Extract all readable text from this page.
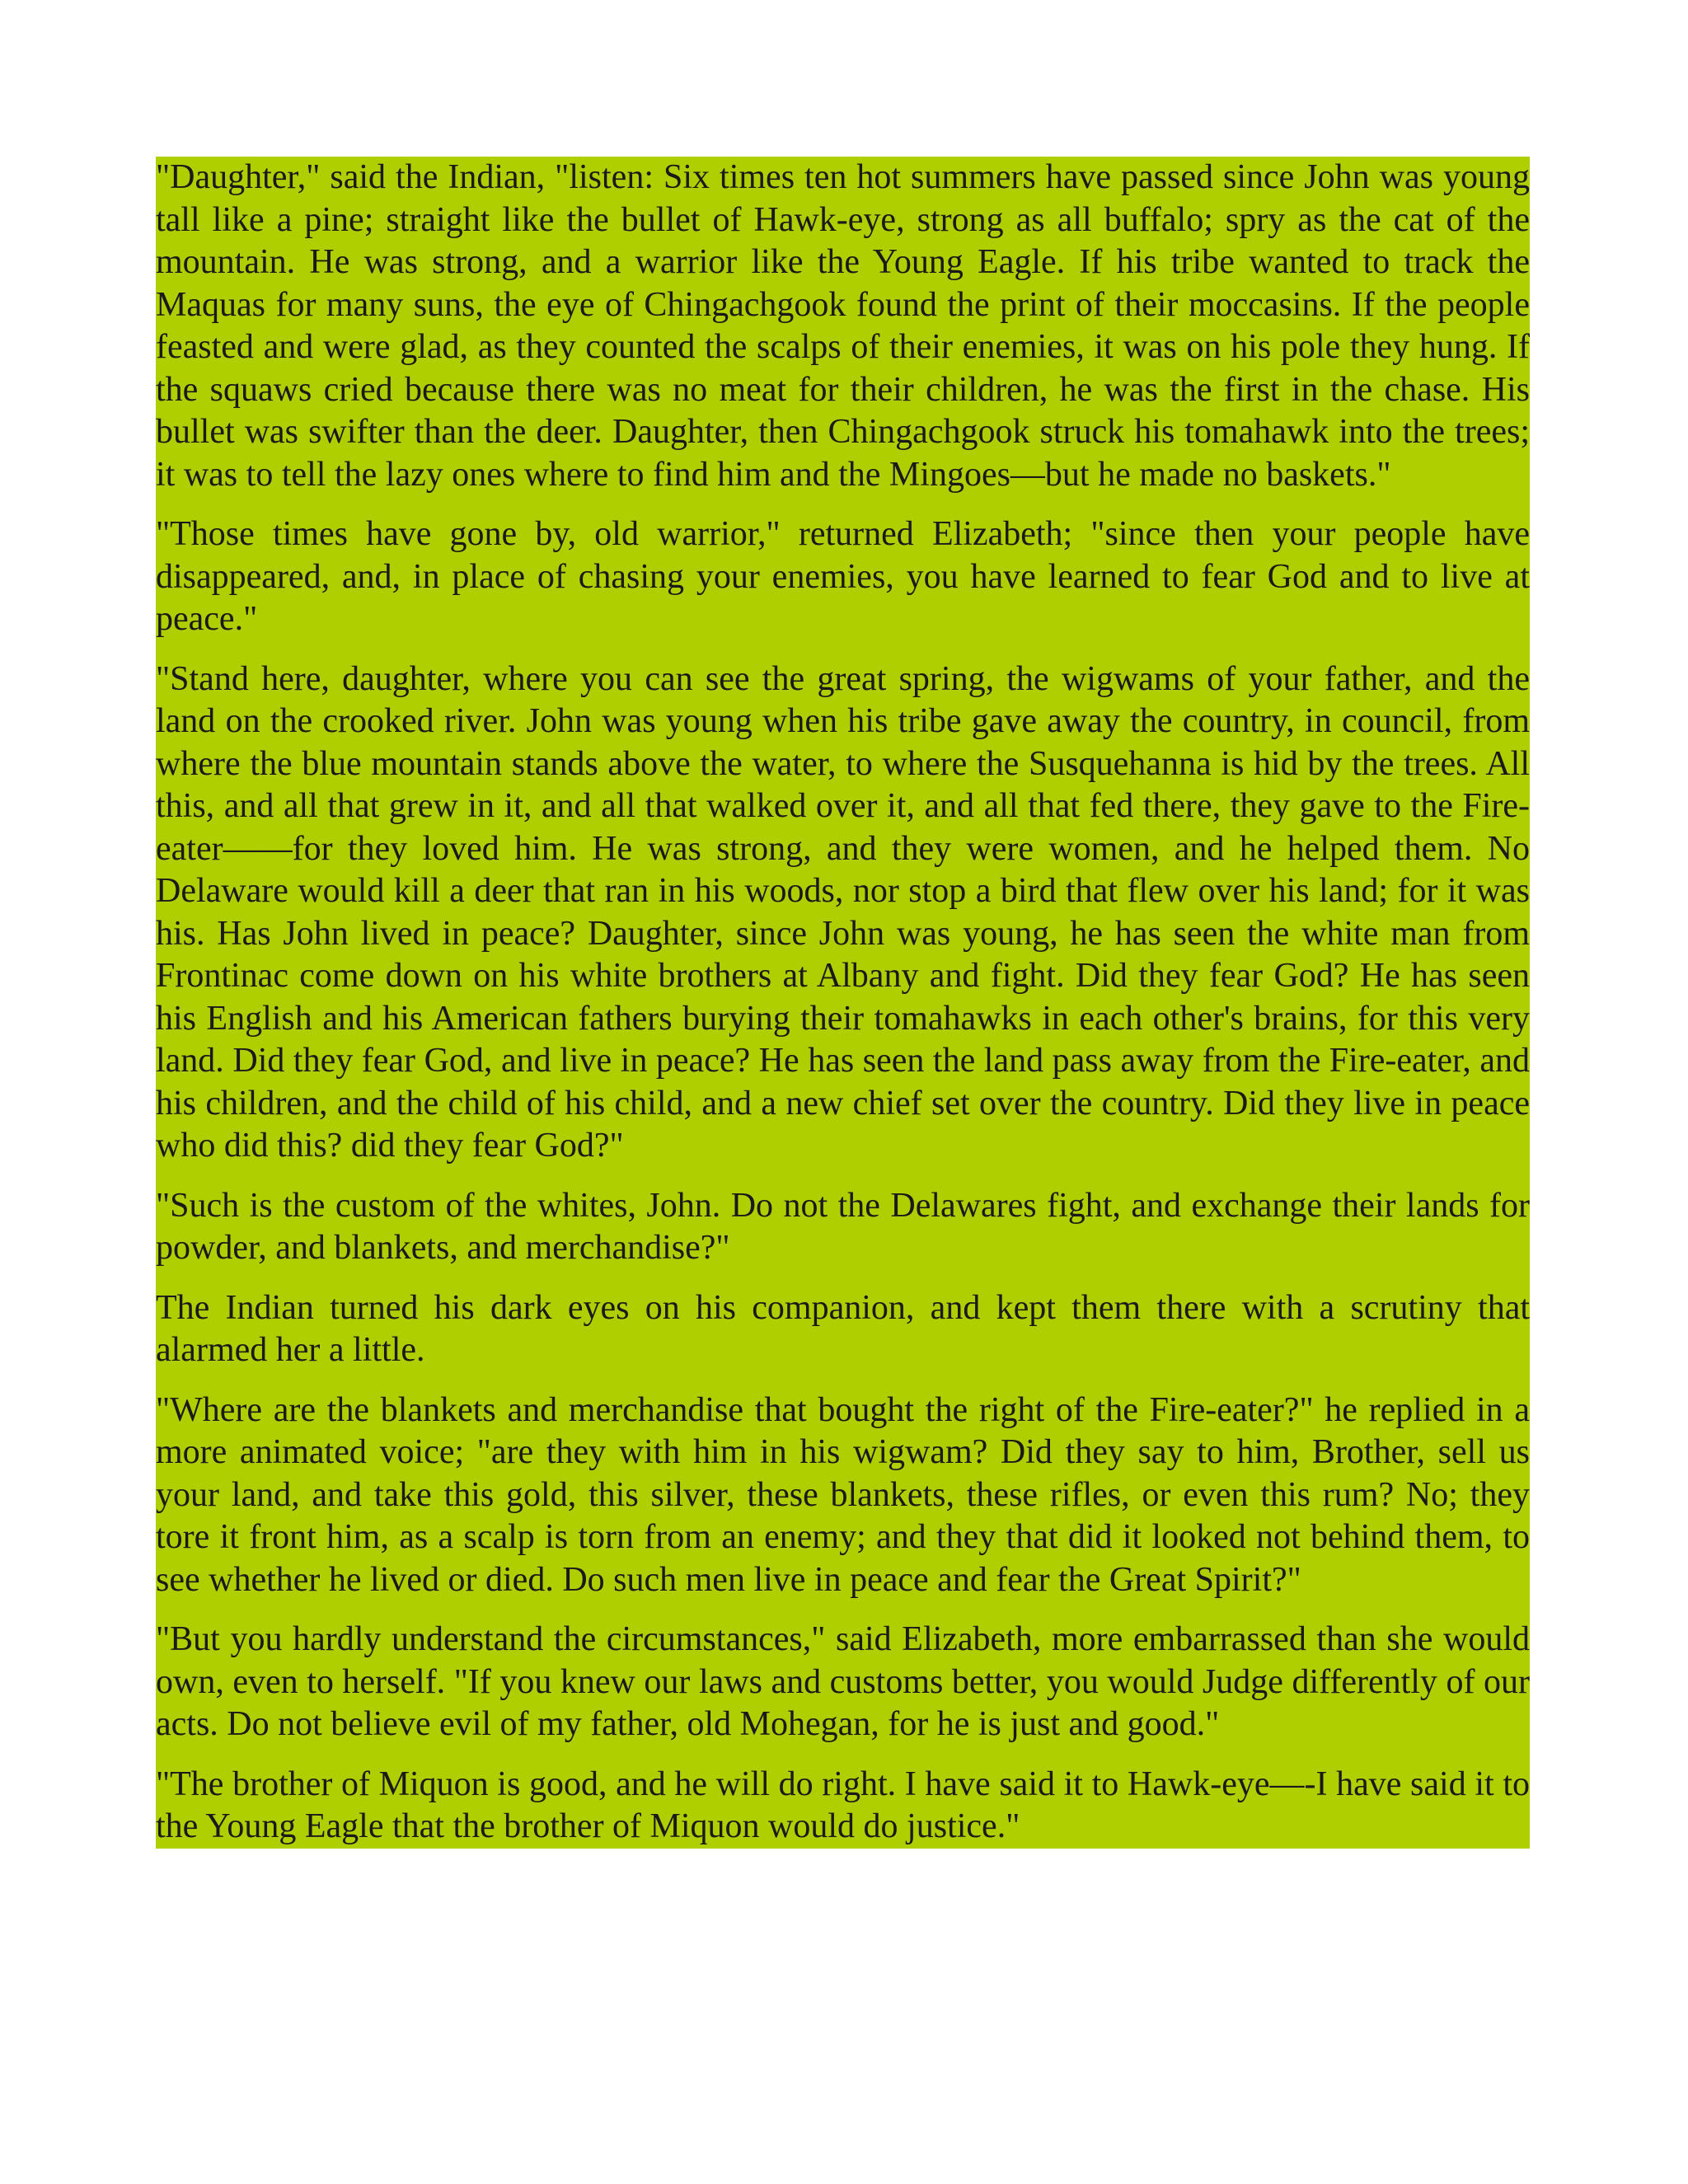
"Daughter," said the Indian, "listen: Six times ten hot summers have passed since John was young tall like a pine; straight like the bullet of Hawk-eye, strong as all buffalo; spry as the cat of the mountain. He was strong, and a warrior like the Young Eagle. If his tribe wanted to track the Maquas for many suns, the eye of Chingachgook found the print of their moccasins. If the people feasted and were glad, as they counted the scalps of their enemies, it was on his pole they hung. If the squaws cried because there was no meat for their children, he was the first in the chase. His bullet was swifter than the deer. Daughter, then Chingachgook struck his tomahawk into the trees; it was to tell the lazy ones where to find him and the Mingoes—but he made no baskets."

"Those times have gone by, old warrior," returned Elizabeth; "since then your people have disappeared, and, in place of chasing your enemies, you have learned to fear God and to live at peace."

"Stand here, daughter, where you can see the great spring, the wigwams of your father, and the land on the crooked river. John was young when his tribe gave away the country, in council, from where the blue mountain stands above the water, to where the Susquehanna is hid by the trees. All this, and all that grew in it, and all that walked over it, and all that fed there, they gave to the Fire-eater——for they loved him. He was strong, and they were women, and he helped them. No Delaware would kill a deer that ran in his woods, nor stop a bird that flew over his land; for it was his. Has John lived in peace? Daughter, since John was young, he has seen the white man from Frontinac come down on his white brothers at Albany and fight. Did they fear God? He has seen his English and his American fathers burying their tomahawks in each other's brains, for this very land. Did they fear God, and live in peace? He has seen the land pass away from the Fire-eater, and his children, and the child of his child, and a new chief set over the country. Did they live in peace who did this? did they fear God?"

"Such is the custom of the whites, John. Do not the Delawares fight, and exchange their lands for powder, and blankets, and merchandise?"

The Indian turned his dark eyes on his companion, and kept them there with a scrutiny that alarmed her a little.

"Where are the blankets and merchandise that bought the right of the Fire-eater?" he replied in a more animated voice; "are they with him in his wigwam? Did they say to him, Brother, sell us your land, and take this gold, this silver, these blankets, these rifles, or even this rum? No; they tore it front him, as a scalp is torn from an enemy; and they that did it looked not behind them, to see whether he lived or died. Do such men live in peace and fear the Great Spirit?"

"But you hardly understand the circumstances," said Elizabeth, more embarrassed than she would own, even to herself. "If you knew our laws and customs better, you would Judge differently of our acts. Do not believe evil of my father, old Mohegan, for he is just and good."

"The brother of Miquon is good, and he will do right. I have said it to Hawk-eye—-I have said it to the Young Eagle that the brother of Miquon would do justice."
